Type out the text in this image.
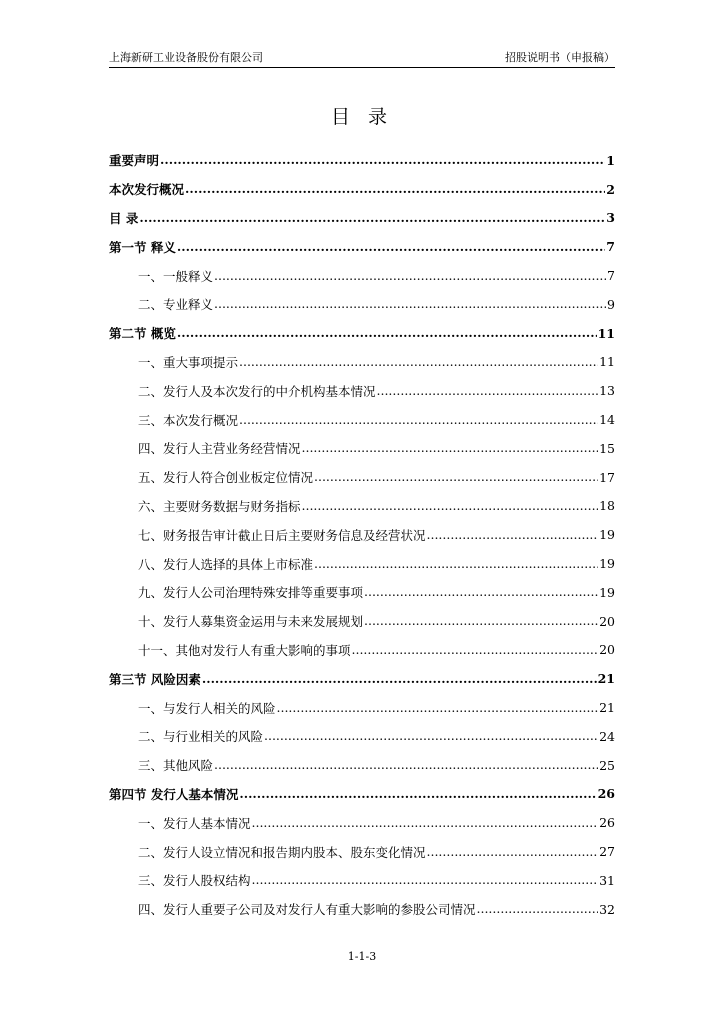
上海新研工业设备股份有限公司	招股说明书（申报稿）
目 录
重要声明 .....	1
本次发行概况 .....	2
目 录 .....	3
第一节 释义 .....	7
一、一般释义 .....	7
二、专业释义 .....	9
第二节 概览 .....	11
一、重大事项提示 .....	11
二、发行人及本次发行的中介机构基本情况 .....	13
三、本次发行概况 .....	14
四、发行人主营业务经营情况 .....	15
五、发行人符合创业板定位情况 .....	17
六、主要财务数据与财务指标 .....	18
七、财务报告审计截止日后主要财务信息及经营状况 .....	19
八、发行人选择的具体上市标准 .....	19
九、发行人公司治理特殊安排等重要事项 .....	19
十、发行人募集资金运用与未来发展规划 .....	20
十一、其他对发行人有重大影响的事项 .....	20
第三节 风险因素 .....	21
一、与发行人相关的风险 .....	21
二、与行业相关的风险 .....	24
三、其他风险 .....	25
第四节 发行人基本情况 .....	26
一、发行人基本情况 .....	26
二、发行人设立情况和报告期内股本、股东变化情况 .....	27
三、发行人股权结构 .....	31
四、发行人重要子公司及对发行人有重大影响的参股公司情况 .....	32
1-1-3
